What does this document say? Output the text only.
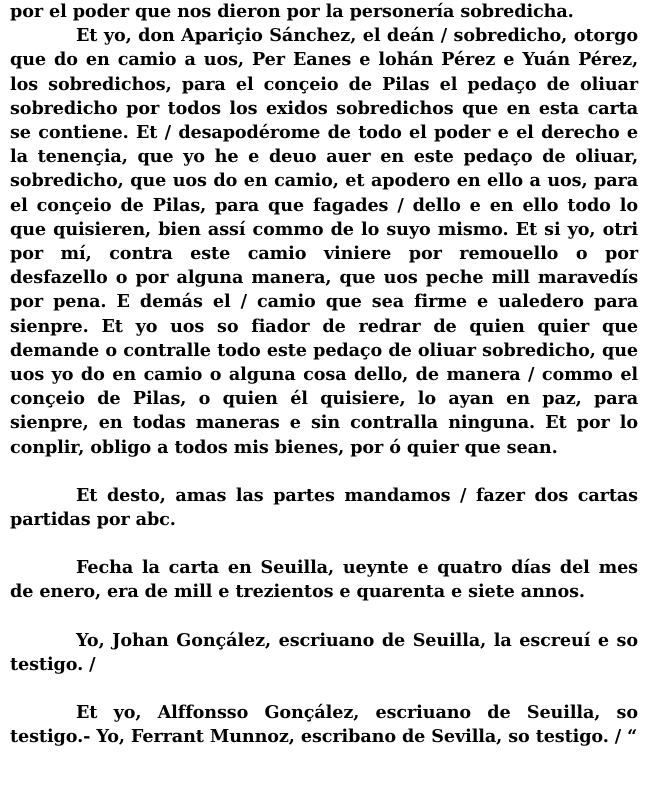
por el poder que nos dieron por la personería sobredicha.

Et yo, don Apariçio Sánchez, el deán / sobredicho, otorgo que do en camio a uos, Per Eanes e lohán Pérez e Yuán Pérez, los sobredichos, para el conçeio de Pilas el pedaço de oliuar sobredicho por todos los exidos sobredichos que en esta carta se contiene. Et / desapodérome de todo el poder e el derecho e la tenençia, que yo he e deuo auer en este pedaço de oliuar, sobredicho, que uos do en camio, et apodero en ello a uos, para el conçeio de Pilas, para que fagades / dello e en ello todo lo que quisieren, bien assí commo de lo suyo mismo. Et si yo, otri por mí, contra este camio viniere por remouello o por desfazello o por alguna manera, que uos peche mill maravedís por pena. E demás el / camio que sea firme e ualedero para sienpre. Et yo uos so fiador de redrar de quien quier que demande o contralle todo este pedaço de oliuar sobredicho, que uos yo do en camio o alguna cosa dello, de manera / commo el conçeio de Pilas, o quien él quisiere, lo ayan en paz, para sienpre, en todas maneras e sin contralla ninguna. Et por lo conplir, obligo a todos mis bienes, por ó quier que sean.

Et desto, amas las partes mandamos / fazer dos cartas partidas por abc.

Fecha la carta en Seuilla, ueynte e quatro días del mes de enero, era de mill e trezientos e quarenta e siete annos.

Yo, Johan Gonçález, escriuano de Seuilla, la escreuí e so testigo. /

Et yo, Alffonsso Gonçález, escriuano de Seuilla, so testigo.- Yo, Ferrant Munnoz, escribano de Sevilla, so testigo. / “
